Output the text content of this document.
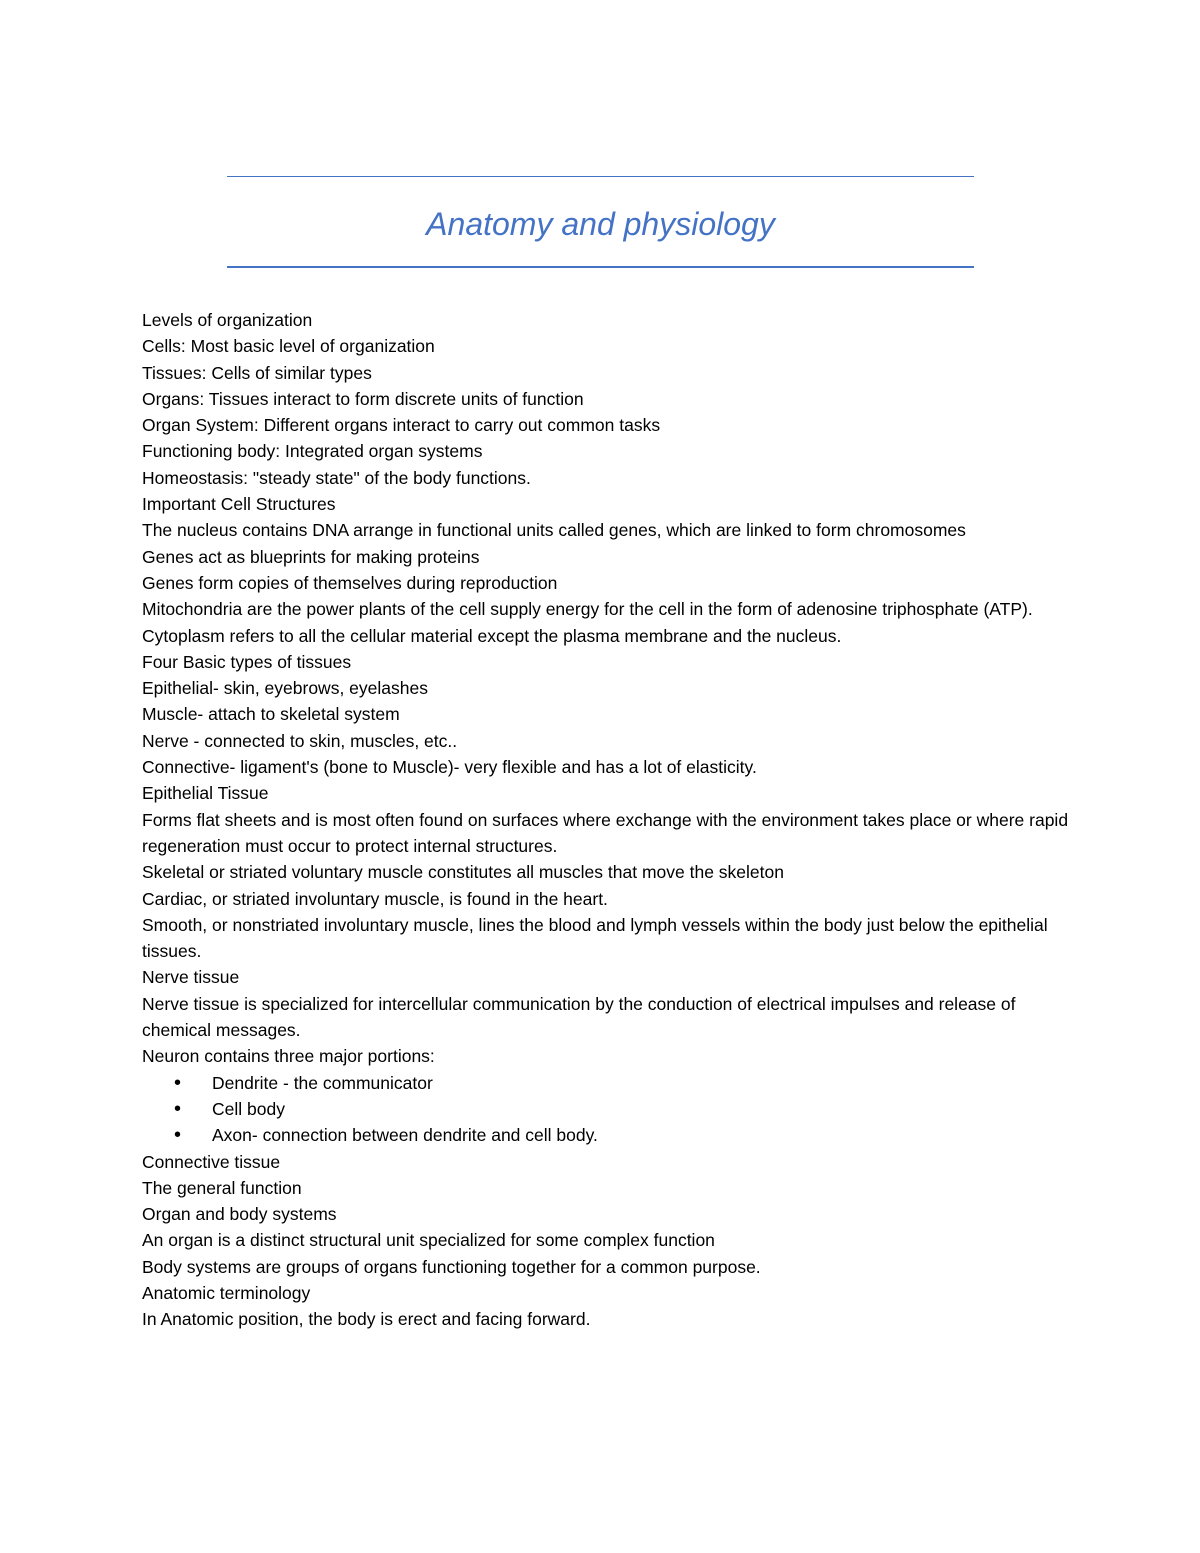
Anatomy and physiology

Levels of organization

Cells: Most basic level of organization

Tissues: Cells of similar types

Organs: Tissues interact to form discrete units of function

Organ System: Different organs interact to carry out common tasks

Functioning body: Integrated organ systems

Homeostasis: "steady state" of the body functions.

Important Cell Structures

The nucleus contains DNA arrange in functional units called genes, which are linked to form chromosomes

Genes act as blueprints for making proteins

Genes form copies of themselves during reproduction

Mitochondria are the power plants of the cell supply energy for the cell in the form of adenosine triphosphate (ATP).

Cytoplasm refers to all the cellular material except the plasma membrane and the nucleus.

Four Basic types of tissues

Epithelial- skin, eyebrows, eyelashes

Muscle- attach to skeletal system

Nerve - connected to skin, muscles, etc..

Connective- ligament's (bone to Muscle)- very flexible and has a lot of elasticity.

Epithelial Tissue

Forms flat sheets and is most often found on surfaces where exchange with the environment takes place or where rapid regeneration must occur to protect internal structures.

Skeletal or striated voluntary muscle constitutes all muscles that move the skeleton

Cardiac, or striated involuntary muscle, is found in the heart.

Smooth, or nonstriated involuntary muscle, lines the blood and lymph vessels within the body just below the epithelial tissues.

Nerve tissue

Nerve tissue is specialized for intercellular communication by the conduction of electrical impulses and release of chemical messages.

Neuron contains three major portions:

• Dendrite - the communicator
• Cell body
• Axon- connection between dendrite and cell body.

Connective tissue

The general function

Organ and body systems

An organ is a distinct structural unit specialized for some complex function

Body systems are groups of organs functioning together for a common purpose.

Anatomic terminology

In Anatomic position, the body is erect and facing forward.
